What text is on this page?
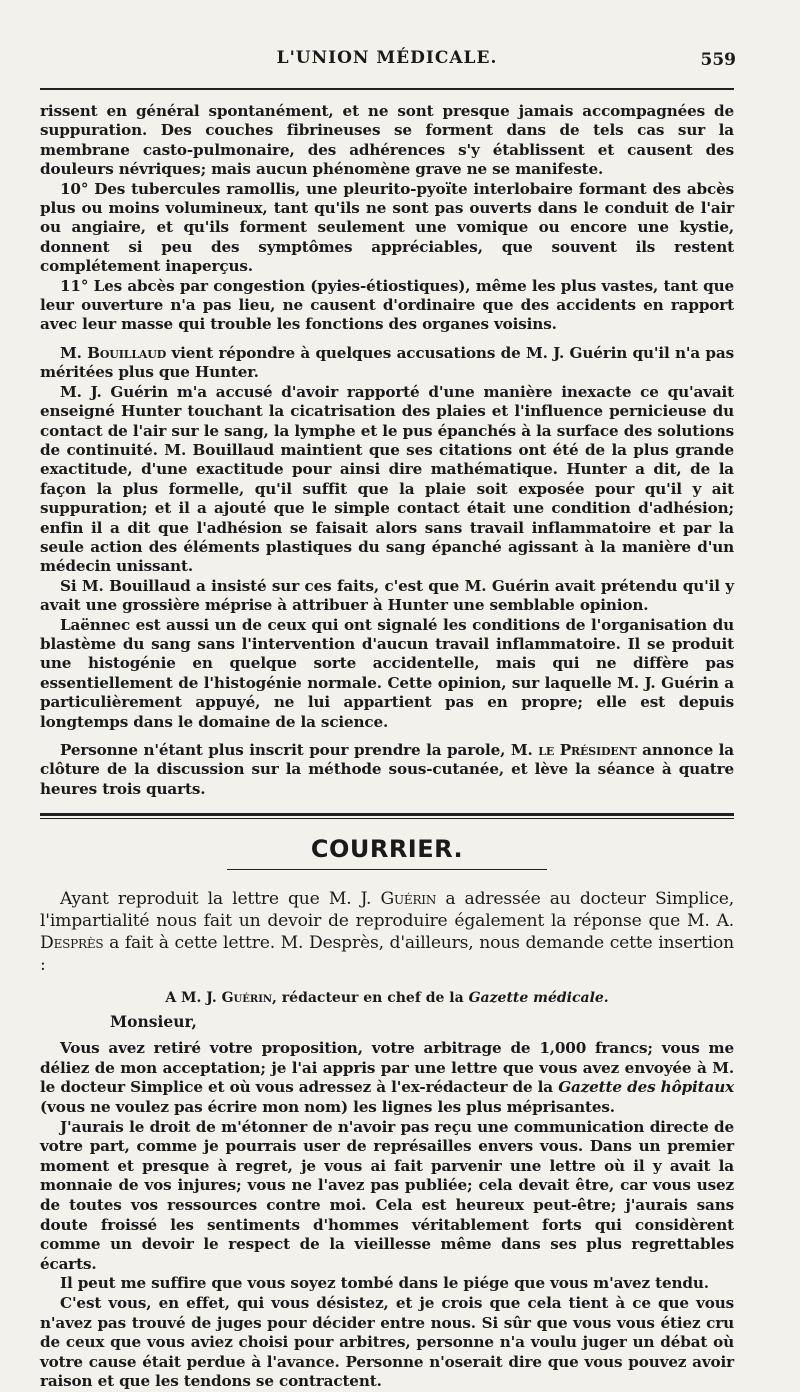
L'UNION MÉDICALE.	559

rissent en général spontanément, et ne sont presque jamais accompagnées de suppuration. Des couches fibrineuses se forment dans de tels cas sur la membrane casto-pulmonaire, des adhérences s'y établissent et causent des douleurs névriques; mais aucun phénomène grave ne se manifeste.

10° Des tubercules ramollis, une pleurito-pyoïte interlobaire formant des abcès plus ou moins volumineux, tant qu'ils ne sont pas ouverts dans le conduit de l'air ou angiaire, et qu'ils forment seulement une vomique ou encore une kystie, donnent si peu des symptômes appréciables, que souvent ils restent complétement inaperçus.

11° Les abcès par congestion (pyies-étiostiques), même les plus vastes, tant que leur ouverture n'a pas lieu, ne causent d'ordinaire que des accidents en rapport avec leur masse qui trouble les fonctions des organes voisins.

M. Bouillaud vient répondre à quelques accusations de M. J. Guérin qu'il n'a pas méritées plus que Hunter.

M. J. Guérin m'a accusé d'avoir rapporté d'une manière inexacte ce qu'avait enseigné Hunter touchant la cicatrisation des plaies et l'influence pernicieuse du contact de l'air sur le sang, la lymphe et le pus épanchés à la surface des solutions de continuité. M. Bouillaud maintient que ses citations ont été de la plus grande exactitude, d'une exactitude pour ainsi dire mathématique. Hunter a dit, de la façon la plus formelle, qu'il suffit que la plaie soit exposée pour qu'il y ait suppuration; et il a ajouté que le simple contact était une condition d'adhésion; enfin il a dit que l'adhésion se faisait alors sans travail inflammatoire et par la seule action des éléments plastiques du sang épanché agissant à la manière d'un médecin unissant.

Si M. Bouillaud a insisté sur ces faits, c'est que M. Guérin avait prétendu qu'il y avait une grossière méprise à attribuer à Hunter une semblable opinion.

Laënnec est aussi un de ceux qui ont signalé les conditions de l'organisation du blastème du sang sans l'intervention d'aucun travail inflammatoire. Il se produit une histogénie en quelque sorte accidentelle, mais qui ne diffère pas essentiellement de l'histogénie normale. Cette opinion, sur laquelle M. J. Guérin a particulièrement appuyé, ne lui appartient pas en propre; elle est depuis longtemps dans le domaine de la science.

Personne n'étant plus inscrit pour prendre la parole, M. le Président annonce la clôture de la discussion sur la méthode sous-cutanée, et lève la séance à quatre heures trois quarts.

COURRIER.

Ayant reproduit la lettre que M. J. Guérin a adressée au docteur Simplice, l'impartialité nous fait un devoir de reproduire également la réponse que M. A. Desprès a fait à cette lettre. M. Desprès, d'ailleurs, nous demande cette insertion :

A M. J. Guérin, rédacteur en chef de la Gazette médicale.
Monsieur,

Vous avez retiré votre proposition, votre arbitrage de 1,000 francs; vous me déliez de mon acceptation; je l'ai appris par une lettre que vous avez envoyée à M. le docteur Simplice et où vous adressez à l'ex-rédacteur de la Gazette des hôpitaux (vous ne voulez pas écrire mon nom) les lignes les plus méprisantes.

J'aurais le droit de m'étonner de n'avoir pas reçu une communication directe de votre part, comme je pourrais user de représailles envers vous. Dans un premier moment et presque à regret, je vous ai fait parvenir une lettre où il y avait la monnaie de vos injures; vous ne l'avez pas publiée; cela devait être, car vous usez de toutes vos ressources contre moi. Cela est heureux peut-être; j'aurais sans doute froissé les sentiments d'hommes véritablement forts qui considèrent comme un devoir le respect de la vieillesse même dans ses plus regrettables écarts.

Il peut me suffire que vous soyez tombé dans le piége que vous m'avez tendu.

C'est vous, en effet, qui vous désistez, et je crois que cela tient à ce que vous n'avez pas trouvé de juges pour décider entre nous. Si sûr que vous vous étiez cru de ceux que vous aviez choisi pour arbitres, personne n'a voulu juger un débat où votre cause était perdue à l'avance. Personne n'oserait dire que vous pouvez avoir raison et que les tendons se contractent.
